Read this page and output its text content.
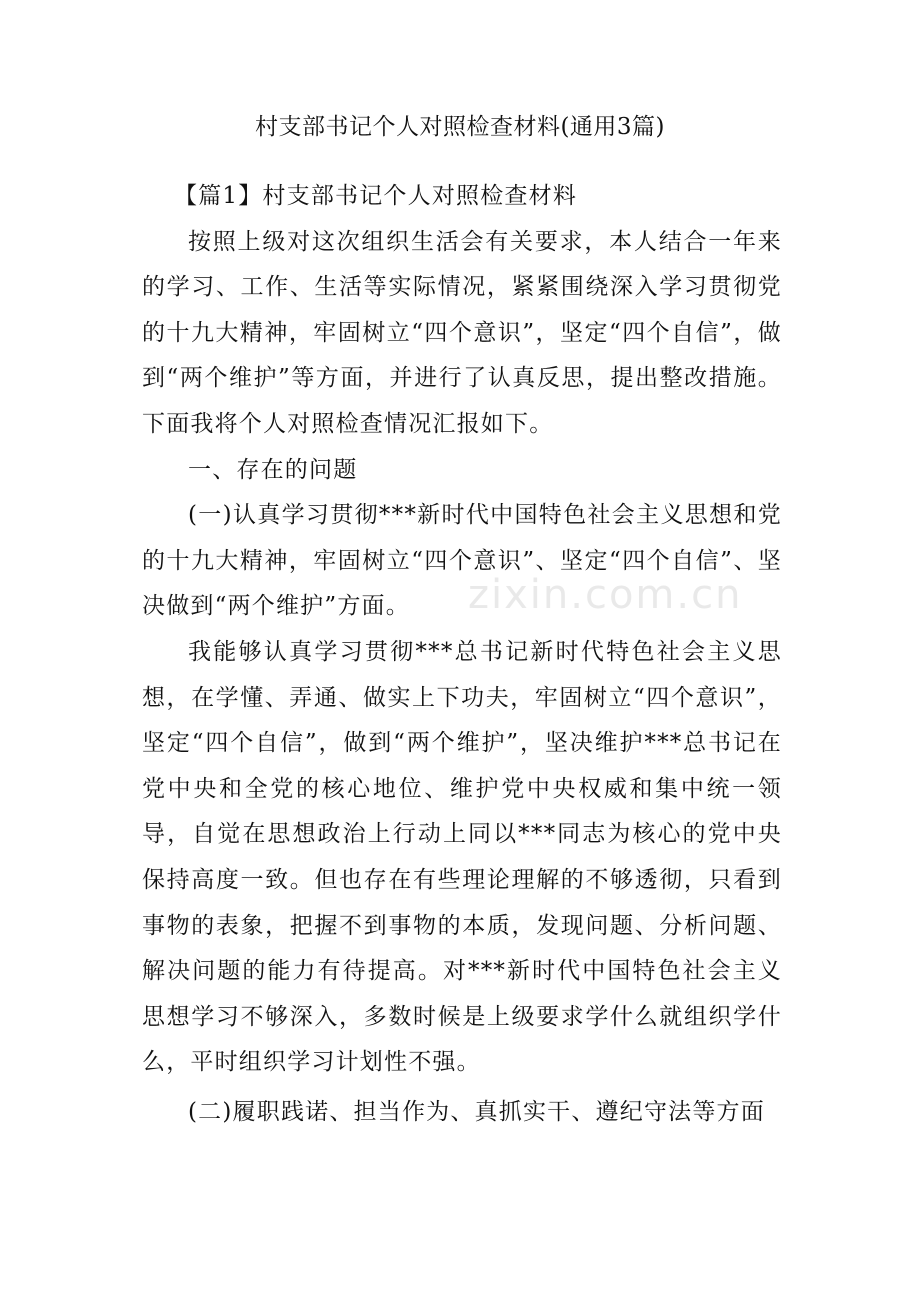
村支部书记个人对照检查材料(通用3篇)

【篇1】村支部书记个人对照检查材料

按照上级对这次组织生活会有关要求，本人结合一年来的学习、工作、生活等实际情况，紧紧围绕深入学习贯彻党的十九大精神，牢固树立“四个意识”，坚定“四个自信”，做到“两个维护”等方面，并进行了认真反思，提出整改措施。下面我将个人对照检查情况汇报如下。

一、存在的问题

(一)认真学习贯彻***新时代中国特色社会主义思想和党的十九大精神，牢固树立“四个意识”、坚定“四个自信”、坚决做到“两个维护”方面。

我能够认真学习贯彻***总书记新时代特色社会主义思想，在学懂、弄通、做实上下功夫，牢固树立“四个意识”，坚定“四个自信”，做到“两个维护”，坚决维护***总书记在党中央和全党的核心地位、维护党中央权威和集中统一领导，自觉在思想政治上行动上同以***同志为核心的党中央保持高度一致。但也存在有些理论理解的不够透彻，只看到事物的表象，把握不到事物的本质，发现问题、分析问题、解决问题的能力有待提高。对***新时代中国特色社会主义思想学习不够深入，多数时候是上级要求学什么就组织学什么，平时组织学习计划性不强。

(二)履职践诺、担当作为、真抓实干、遵纪守法等方面

zixin.com.cn
